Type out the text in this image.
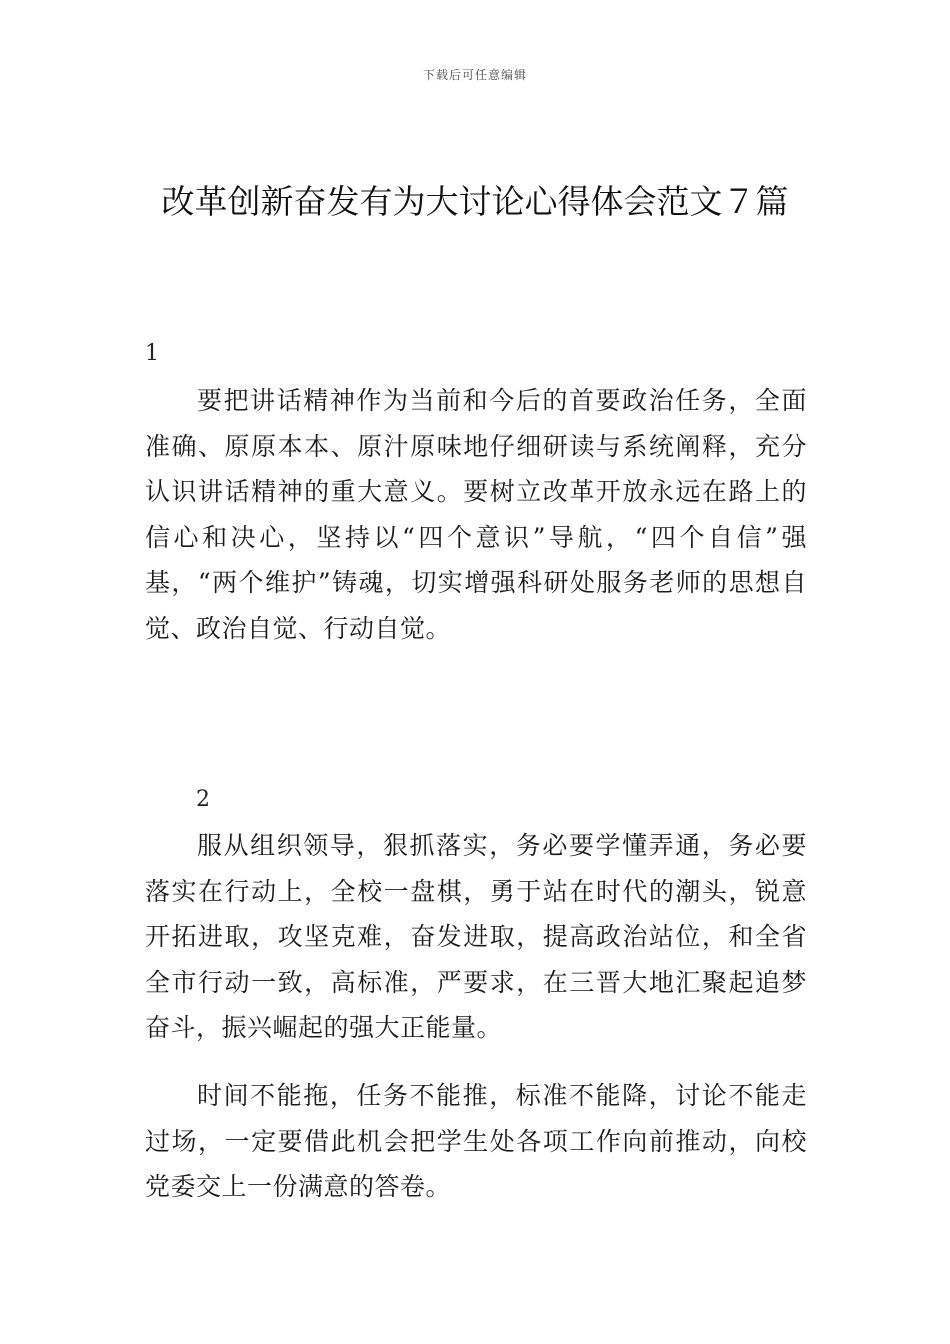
下载后可任意编辑
改革创新奋发有为大讨论心得体会范文７篇
1

要把讲话精神作为当前和今后的首要政治任务，全面准确、原原本本、原汁原味地仔细研读与系统阐释，充分认识讲话精神的重大意义。要树立改革开放永远在路上的信心和决心，坚持以“四个意识”导航，“四个自信”强基，“两个维护”铸魂，切实增强科研处服务老师的思想自觉、政治自觉、行动自觉。

2

服从组织领导，狠抓落实，务必要学懂弄通，务必要落实在行动上，全校一盘棋，勇于站在时代的潮头，锐意开拓进取，攻坚克难，奋发进取，提高政治站位，和全省全市行动一致，高标准，严要求，在三晋大地汇聚起追梦奋斗，振兴崛起的强大正能量。

时间不能拖，任务不能推，标准不能降，讨论不能走过场，一定要借此机会把学生处各项工作向前推动，向校党委交上一份满意的答卷。
